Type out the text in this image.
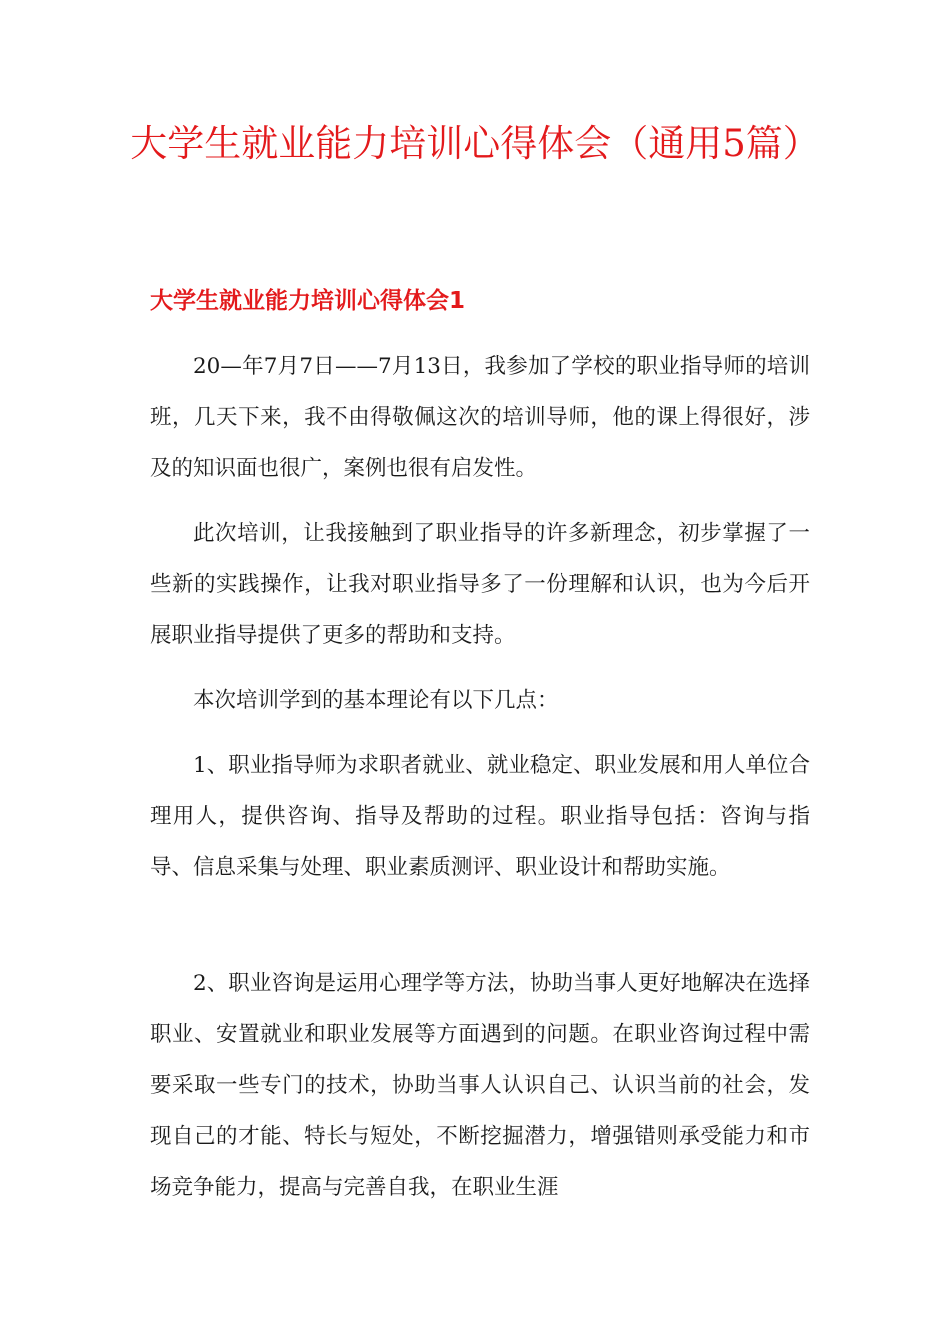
大学生就业能力培训心得体会（通用5篇）
大学生就业能力培训心得体会1

20—年7月7日——7月13日，我参加了学校的职业指导师的培训班，几天下来，我不由得敬佩这次的培训导师，他的课上得很好，涉及的知识面也很广，案例也很有启发性。

此次培训，让我接触到了职业指导的许多新理念，初步掌握了一些新的实践操作，让我对职业指导多了一份理解和认识，也为今后开展职业指导提供了更多的帮助和支持。

本次培训学到的基本理论有以下几点：

1、职业指导师为求职者就业、就业稳定、职业发展和用人单位合理用人，提供咨询、指导及帮助的过程。职业指导包括：咨询与指导、信息采集与处理、职业素质测评、职业设计和帮助实施。

2、职业咨询是运用心理学等方法，协助当事人更好地解决在选择职业、安置就业和职业发展等方面遇到的问题。在职业咨询过程中需要采取一些专门的技术，协助当事人认识自己、认识当前的社会，发现自己的才能、特长与短处，不断挖掘潜力，增强错则承受能力和市场竞争能力，提高与完善自我，在职业生涯
